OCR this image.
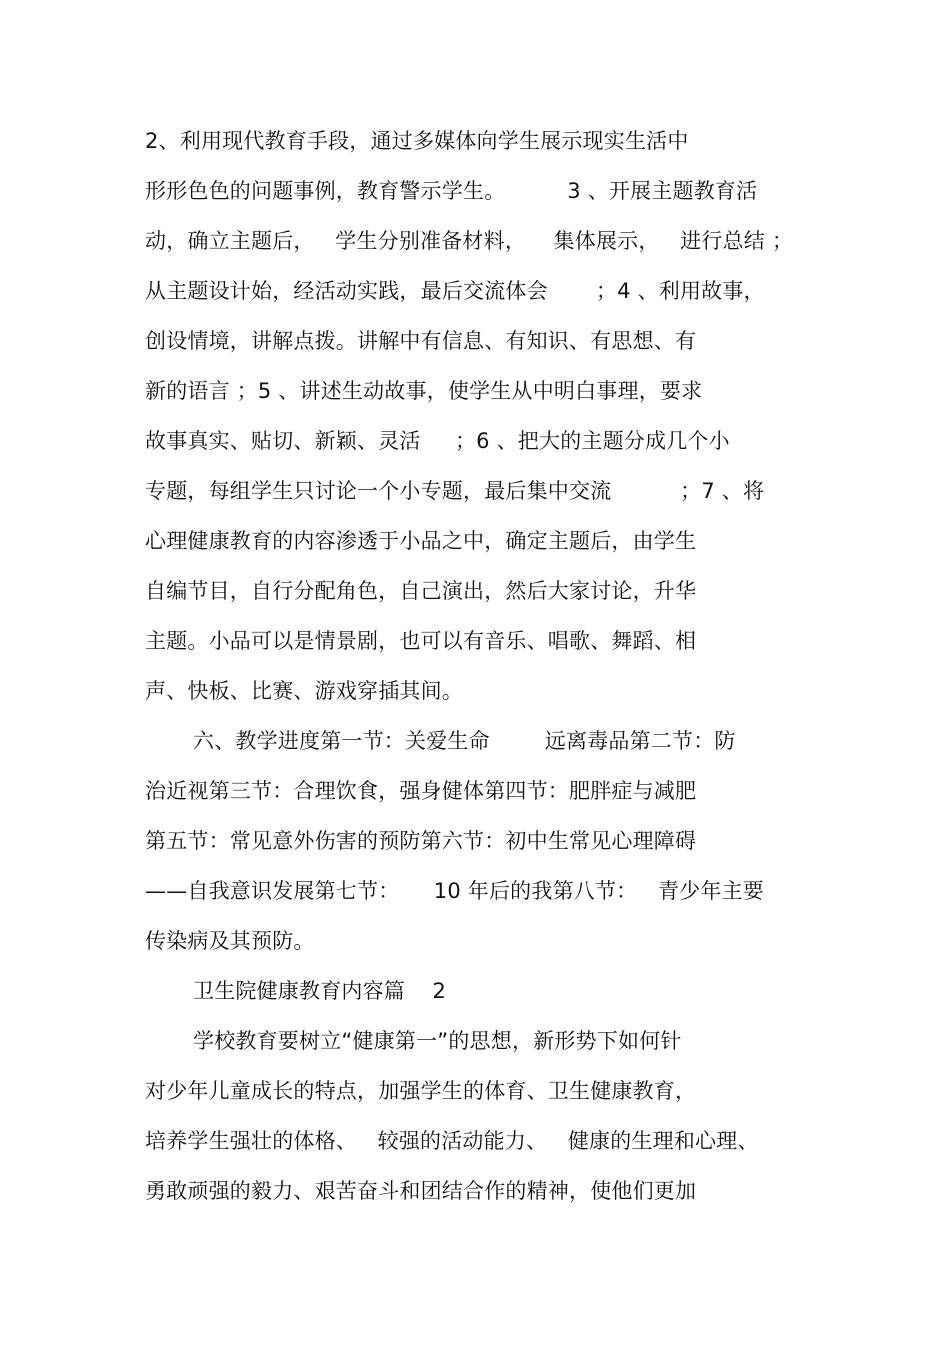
2、利用现代教育手段，通过多媒体向学生展示现实生活中
形形色色的问题事例，教育警示学生。         3 、开展主题教育活
动，确立主题后，   学生分别准备材料，    集体展示，   进行总结 ；
从主题设计始，经活动实践，最后交流体会       ；4 、利用故事，
创设情境，讲解点拨。讲解中有信息、有知识、有思想、有
新的语言 ；5 、讲述生动故事，使学生从中明白事理，要求
故事真实、贴切、新颖、灵活     ；6 、把大的主题分成几个小
专题，每组学生只讨论一个小专题，最后集中交流          ；7 、将
心理健康教育的内容渗透于小品之中，确定主题后，由学生
自编节目，自行分配角色，自己演出，然后大家讨论，升华
主题。小品可以是情景剧，也可以有音乐、唱歌、舞蹈、相
声、快板、比赛、游戏穿插其间。
六、教学进度第一节：关爱生命        远离毒品第二节：防
治近视第三节：合理饮食，强身健体第四节：肥胖症与减肥
第五节：常见意外伤害的预防第六节：初中生常见心理障碍
——自我意识发展第七节：     10 年后的我第八节：   青少年主要
传染病及其预防。
卫生院健康教育内容篇    2
学校教育要树立“健康第一”的思想，新形势下如何针
对少年儿童成长的特点，加强学生的体育、卫生健康教育，
培养学生强壮的体格、   较强的活动能力、   健康的生理和心理、
勇敢顽强的毅力、艰苦奋斗和团结合作的精神，使他们更加
